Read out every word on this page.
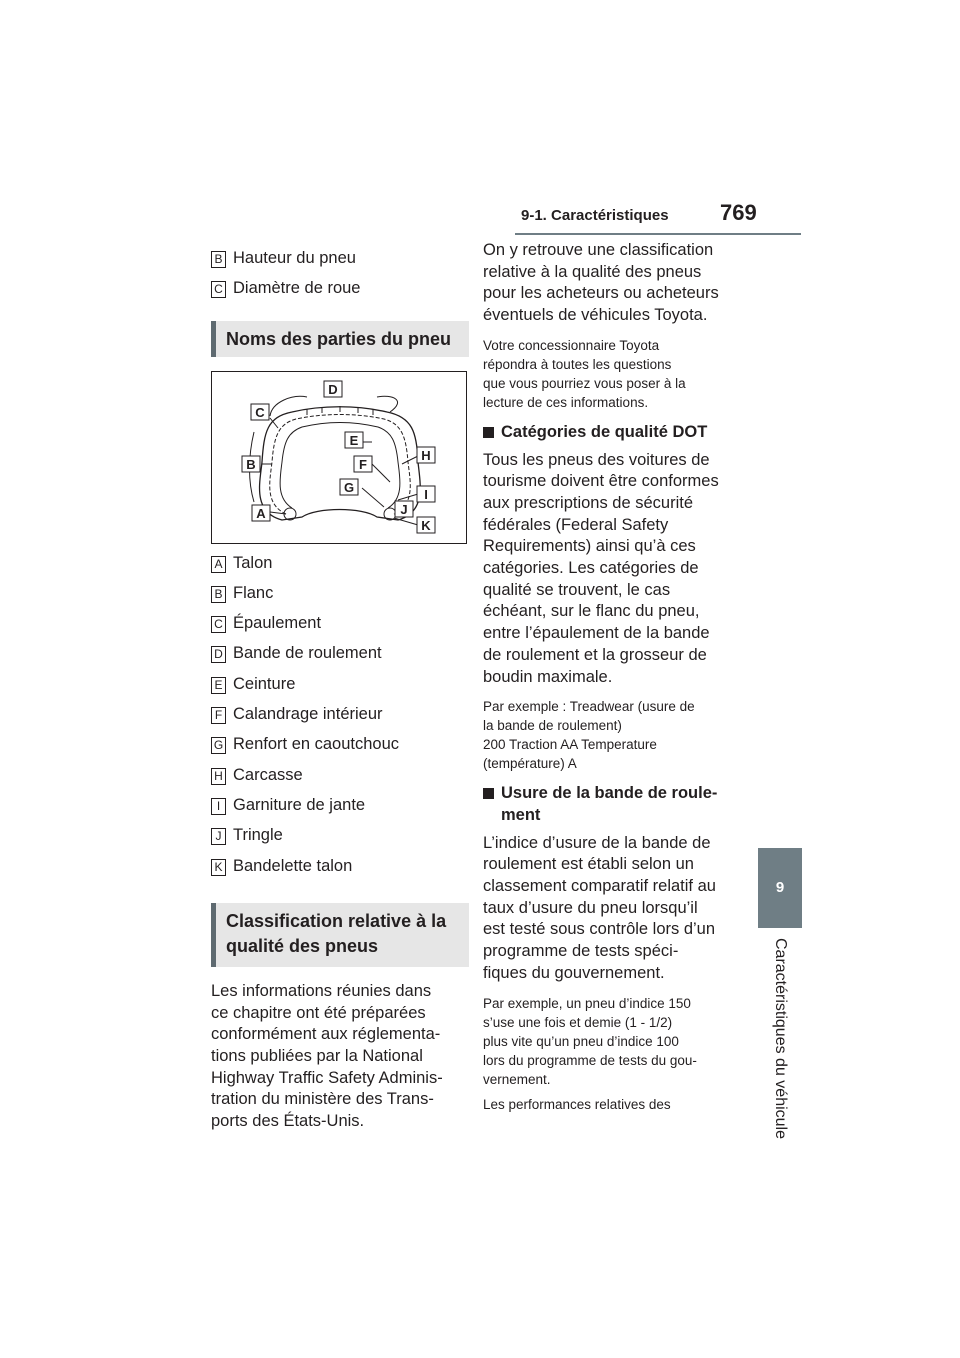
9-1. Caractéristiques 769
9
Caractéristiques du véhicule
B Hauteur du pneu
C Diamètre de roue
Noms des parties du pneu
A
B
C
D
E
F
G
H
I
J
K
A Talon
B Flanc
C Épaulement
D Bande de roulement
E Ceinture
F Calandrage intérieur
G Renfort en caoutchouc
H Carcasse
I Garniture de jante
J Tringle
K Bandelette talon
Classification relative à la
qualité des pneus

Les informations réunies dans

ce chapitre ont été préparées

conformément aux réglementa-

tions publiées par la National

Highway Traffic Safety Adminis-

tration du ministère des Trans-

ports des États-Unis.

On y retrouve une classification

relative à la qualité des pneus

pour les acheteurs ou acheteurs

éventuels de véhicules Toyota.

Votre concessionnaire Toyota

répondra à toutes les questions

que vous pourriez vous poser à la

lecture de ces informations.

Catégories de qualité DOT

Tous les pneus des voitures de

tourisme doivent être conformes

aux prescriptions de sécurité

fédérales (Federal Safety

Requirements) ainsi qu’à ces

catégories. Les catégories de

qualité se trouvent, le cas

échéant, sur le flanc du pneu,

entre l’épaulement de la bande

de roulement et la grosseur de

boudin maximale.

Par exemple : Treadwear (usure de

la bande de roulement)

200 Traction AA Temperature

(température) A

Usure de la bande de roule-
ment

L’indice d’usure de la bande de

roulement est établi selon un

classement comparatif relatif au

taux d’usure du pneu lorsqu’il

est testé sous contrôle lors d’un

programme de tests spéci-

fiques du gouvernement.

Par exemple, un pneu d’indice 150

s’use une fois et demie (1 - 1/2)

plus vite qu’un pneu d’indice 100

lors du programme de tests du gou-

vernement.

Les performances relatives des
